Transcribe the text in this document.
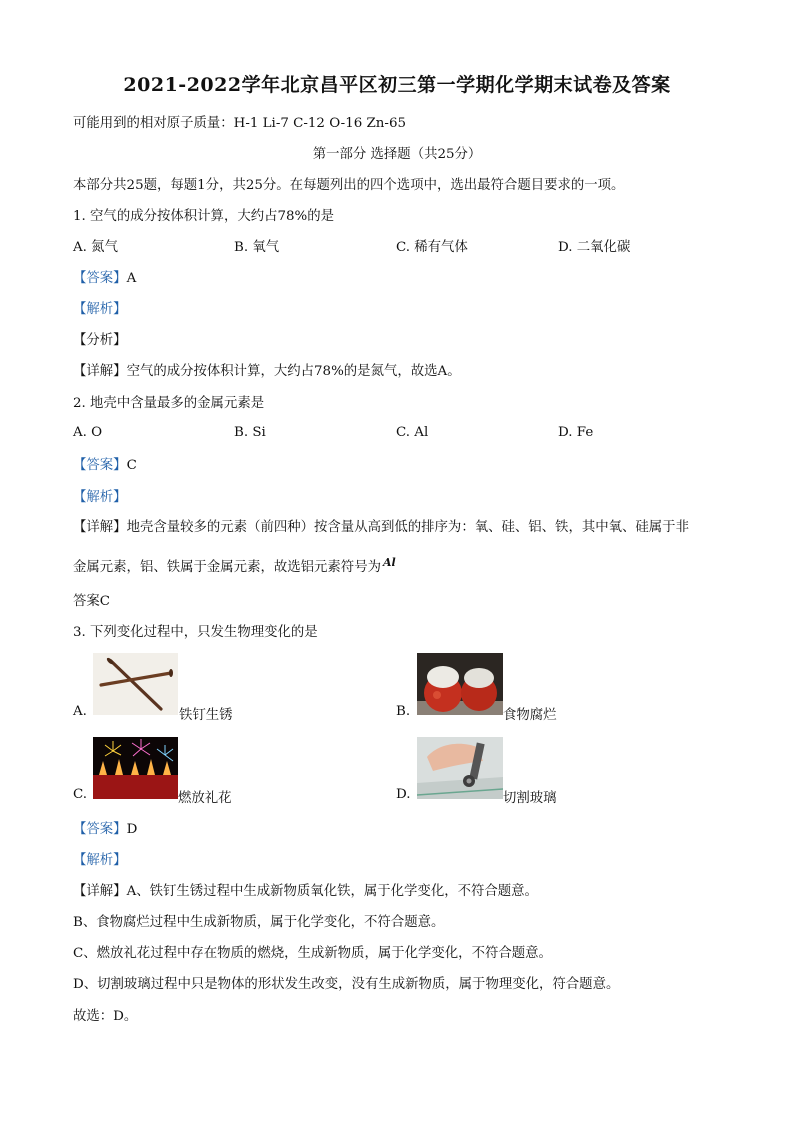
2021-2022学年北京昌平区初三第一学期化学期末试卷及答案
可能用到的相对原子质量：H-1 Li-7 C-12 O-16 Zn-65
第一部分 选择题（共25分）
本部分共25题，每题1分，共25分。在每题列出的四个选项中，选出最符合题目要求的一项。
1. 空气的成分按体积计算，大约占78%的是
A. 氮气	B. 氧气	C. 稀有气体	D. 二氧化碳
【答案】A
【解析】
【分析】
【详解】空气的成分按体积计算，大约占78%的是氮气，故选A。
2. 地壳中含量最多的金属元素是
A. O	B. Si	C. Al	D. Fe
【答案】C
【解析】
【详解】地壳含量较多的元素（前四种）按含量从高到低的排序为：氧、硅、铝、铁，其中氧、硅属于非
金属元素，铝、铁属于金属元素，故选铝元素符号为 $^{Al}$
答案C
3. 下列变化过程中，只发生物理变化的是
A.	铁钉生锈	B.	食物腐烂
C.	燃放礼花	D.	切割玻璃
【答案】D
【解析】
【详解】A、铁钉生锈过程中生成新物质氧化铁，属于化学变化，不符合题意。
B、食物腐烂过程中生成新物质，属于化学变化，不符合题意。
C、燃放礼花过程中存在物质的燃烧，生成新物质，属于化学变化，不符合题意。
D、切割玻璃过程中只是物体的形状发生改变，没有生成新物质，属于物理变化，符合题意。
故选：D。
